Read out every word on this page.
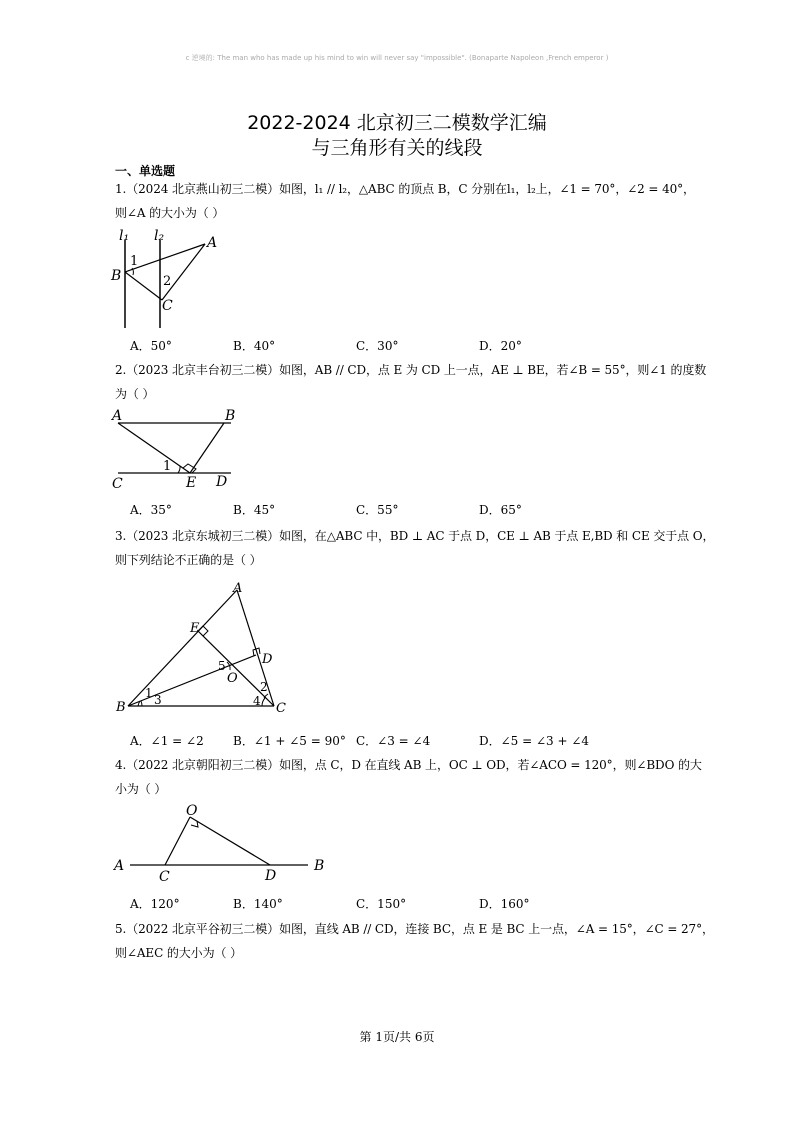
c 逆境的: The man who has made up his mind to win will never say "impossible". (Bonaparte Napoleon ,French emperor )
2022-2024 北京初三二模数学汇编
与三角形有关的线段
一、单选题
1.（2024 北京燕山初三二模）如图，l₁ // l₂，△ABC 的顶点 B，C 分别在l₁，l₂上，∠1 = 70°，∠2 = 40°，
则∠A 的大小为（ ）
l₁ l₂	A
B
C
1
2
A．50°	B．40°	C．30°	D．20°
2.（2023 北京丰台初三二模）如图，AB // CD，点 E 为 CD 上一点，AE ⊥ BE，若∠B = 55°，则∠1 的度数
为（ ）
A	B
C	D
E
1
A．35°	B．45°	C．55°	D．65°
3.（2023 北京东城初三二模）如图，在△ABC 中，BD ⊥ AC 于点 D，CE ⊥ AB 于点 E,BD 和 CE 交于点 O，
则下列结论不正确的是（ ）
A
B	C
D
E
O
1	2
3	4
5
A．∠1 = ∠2 B．∠1 + ∠5 = 90° C．∠3 = ∠4	D．∠5 = ∠3 + ∠4
4.（2022 北京朝阳初三二模）如图，点 C，D 在直线 AB 上，OC ⊥ OD，若∠ACO = 120°，则∠BDO 的大
小为（ ）
O
A	B
C	D
A．120°	B．140°	C．150°	D．160°
5.（2022 北京平谷初三二模）如图，直线 AB // CD，连接 BC，点 E 是 BC 上一点，∠A = 15°，∠C = 27°，
则∠AEC 的大小为（ ）
第 1页/共 6页
